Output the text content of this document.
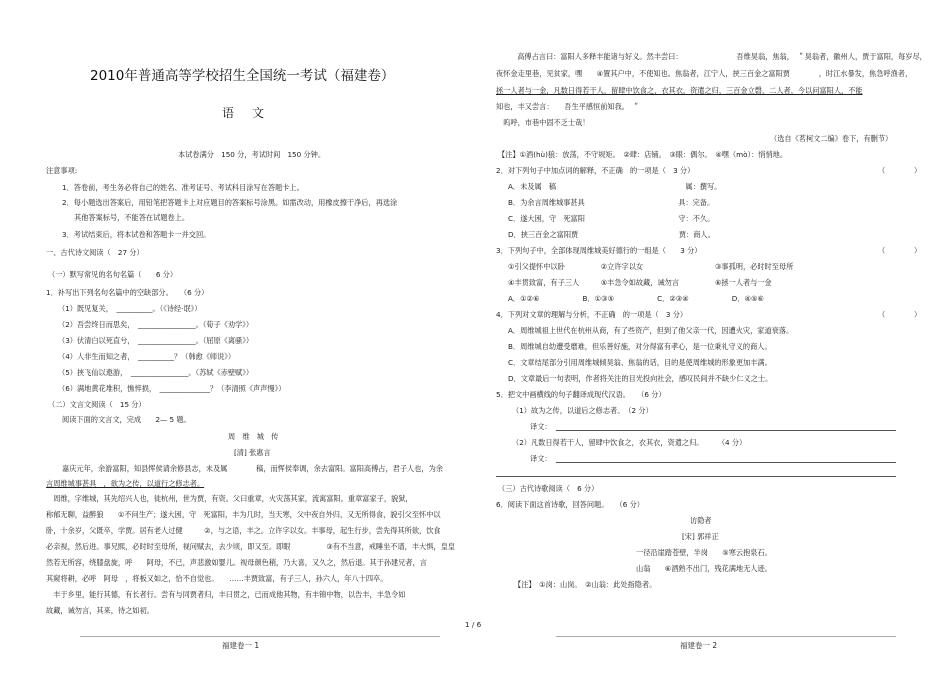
2010年普通高等学校招生全国统一考试（福建卷）
语文
本试卷满分　150 分，考试时间　150 分钟。
注意事项:
1．答卷前，考生务必将自己的姓名、准考证号、考试科目涂写在答题卡上。
2．每小题选出答案后，用铅笔把答题卡上对应题目的答案标号涂黑。如需改动，用橡皮擦干净后，再选涂
其他答案标号，不能答在试题卷上。
3．考试结束后，将本试卷和答题卡一并交回。
一、古代诗文阅读（　27 分）
（一）默写常见的名句名篇（　　6 分）
1．补写出下列名句名篇中的空缺部分。　　（6 分）
（1）既见复关，　__________。（《诗经·氓》）
（2）吾尝终日而思矣，　________________。（荀子《劝学》）
（3）伏清白以死直兮，　________________。（屈原《离骚》）
（4）人非生而知之者，　__________？（韩愈《师说》）
（5）挟飞仙以遨游，　________________。（苏轼《赤壁赋》）
（6）满地黄花堆积，憔悴损，　______________？（李清照《声声慢》）
（二）文言文阅读（　15 分）
阅读下面的文言文，完成　　2— 5 题。
周　维　城　传
[清] 张惠言
嘉庆元年，余游富阳，知县恽侯请余修县志，未及属　　　　稿，而恽侯奉调，余去富阳。富阳高傅占，君子人也，为余
言周维城事甚具　，欲为之传，以道行之修志者。
　周维，字维城，其先绍兴人也，徙杭州，世为贾，有资。父曰重章，火灾荡其家，流寓富阳。重章富家子，貌狱，
称郁无聊，益醉狼　　①不问生产；遂大困，守　死富阳，丰为几时，当天寒，父中夜自外归，又无所得食，貌引父至怀中以
卧，十余岁，父既卒，学贾。居有老人过健　　　②，与之语，丰之。立许字以女。丰事母，起生行步，尝先得其所欲，饮食
必亲视，然后进。事兄熙，必时时至母所，视问赋去，去少顷，即又至。即眼　　　　　③有不当意，戒睡坐不谱，丰大惧，皇皇
然若无所容，绕膝盘旋，呼　　阿母，不已，声悲激如婴儿。视母颜色稍，乃大喜，又久之，然后退。其于孙建兄者，言
其窥将耕，必呼　阿母　，将板又如之，恰不自觉也。　　……丰贾致富，有子三人，孙六人，年八十四卒。
　丰于乡里，能行其德，有长者行。尝有与同贾者归，丰曰贯之，已而成他其物，有丰锦中物，以告丰，丰急令如
故藏，诫勿言，其来，待之如初。
福建卷一 1
1 / 6
　高傅占言曰：富阳人多释丰能诸与好义。然丰尝曰：　　　　　　　　吾维昊翁，焦翁，　＂昊翁者，徽州人，贾于富阳，每岁尽，
夜怀金走里巷，见贫家，嘿　　④置其户中，不使知也。焦翁者，江宁人，挟三百金之富阳贾　　　　，时江水暴发，焦急呼渔者，
拯一人者与一金，凡数日得若干人，留肆中饮食之，衣其衣，资遣之归，三百金立磬，二人者，今以问富阳人，不能
知也，丰又尝言：　　吾生平感恒前知我。　＂
　呜呼，市巷中固不乏士哉！
（选自《茗柯文二编》卷下，有删节）
【注】①酒(hù)狼：放荡，不守规矩。　②肆：店铺。　③眼：偶尔。　④嘿（mò）：悄悄地。
2．对下列句子中加点词的解释，不正确　的一项是（　3 分）	（　　　　）
A．未及属　稿　　　　　　　　　　　　　　　　　　属：撰写。
B．为余言周维城事甚具　　　　　　　　　　　　　具：完备。
C．遂大困，守　死富阳　　　　　　　　　　　　　守：不久。
D．挟三百金之富阳贾　　　　　　　　　　　　　　贾：商人。
3．下列句子中，全部体现周维城美好德行的一组是（　　3 分）	（　　　　）
①引父提怀中以卧　　　　　②立许字以女　　　　　　　　　　③事孤明，必时时至母所
④丰贯致富，有子三人　　　⑤丰急令如故藏，诫勿言　　　　　⑥拯一人者与一金
A．①②⑥　　　　　　B．①③⑤　　　　　　C．②③④　　　　　　D．④⑤⑥
4．下列对文章的理解与分析，不正确　的一项是（　3 分）	（　　　　）
A．周维城祖上世代在杭州从商，有了些资产，但到了他父亲一代，因遭火灾，家道衰落。
B．周维城自幼遭受磨难，但乐善好施，对分得富有孝心，是一位秉礼守义的商人。
C．文章结尾部分引用周维城倾昊翁、焦翁的话，目的是使周维城的形象更加丰满。
D．文章最后一句表明，作者将关注的目光投向社会，感叹民间并不缺少仁义之士。
5．把文中画横线的句子翻译成现代汉语。　　（6 分）
（1）故为之传，以道后之修志者。　（2 分）
译文：
（2）凡数日得若干人，留肆中饮食之，衣其衣，资遣之归。　　　（4 分）
译文：
（三）古代诗歌阅读（　6 分）
6．阅读下面这首诗歌，回答问题。　　（6 分）
访隐者
[宋] 郭祥正
一径沿崖踏苍壁，半岗　　⑤寒云抱泉石。
山翁　　⑥酒熟不出门，残花满地无人迹。
【注】　①岗：山岗。　②山翁：此处指隐者。
福建卷一 2
